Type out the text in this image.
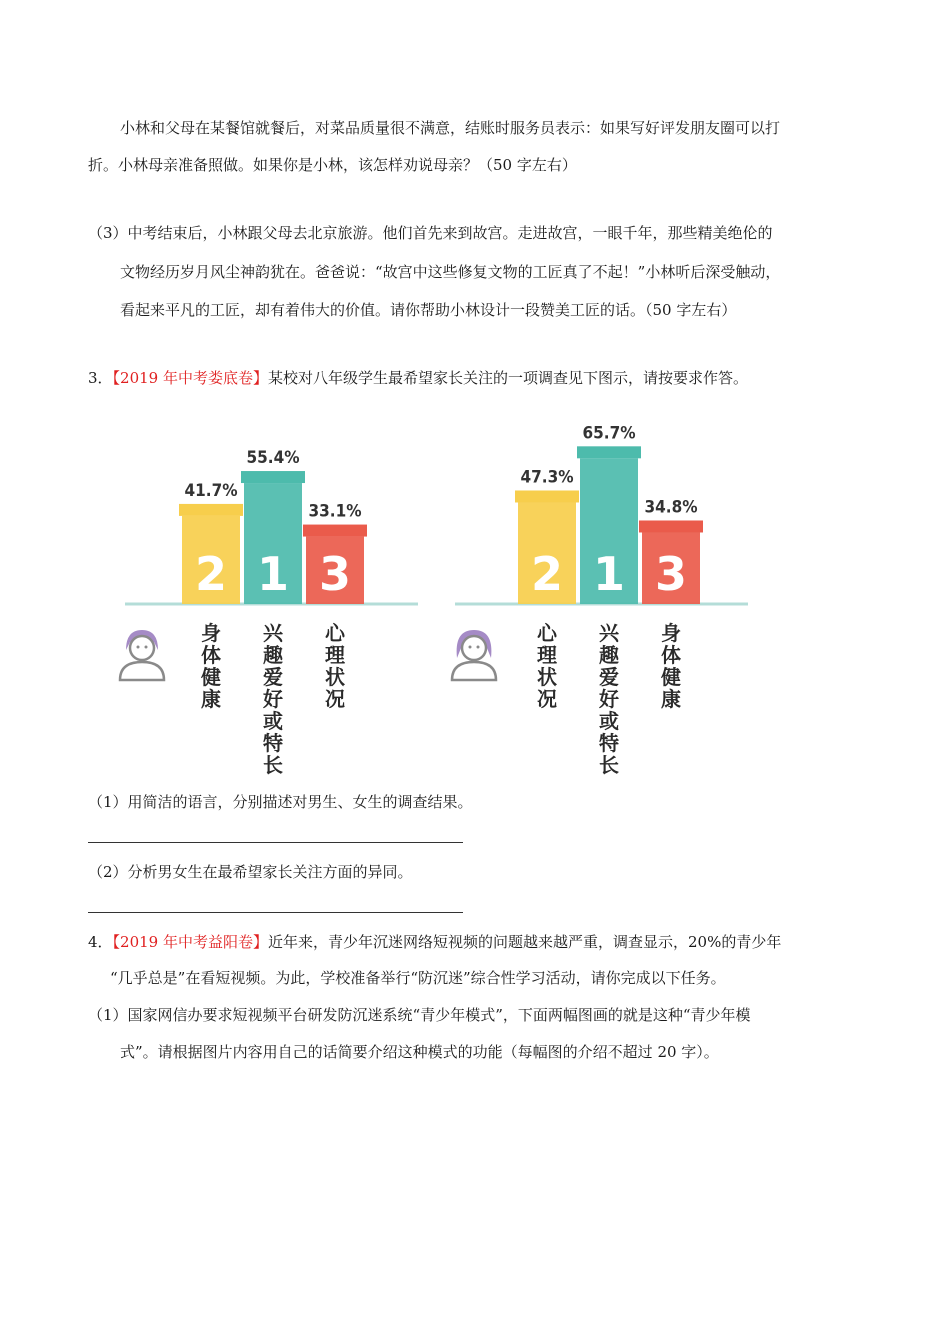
小林和父母在某餐馆就餐后，对菜品质量很不满意，结账时服务员表示：如果写好评发朋友圈可以打
折。小林母亲准备照做。如果你是小林，该怎样劝说母亲？（50 字左右）
（3）中考结束后，小林跟父母去北京旅游。他们首先来到故宫。走进故宫，一眼千年，那些精美绝伦的
文物经历岁月风尘神韵犹在。爸爸说：“故宫中这些修复文物的工匠真了不起！”小林听后深受触动，
看起来平凡的工匠，却有着伟大的价值。请你帮助小林设计一段赞美工匠的话。（50 字左右）
3．【2019 年中考娄底卷】某校对八年级学生最希望家长关注的一项调查见下图示，请按要求作答。
2
41.7%
身
体
健
康
1
55.4%
兴
趣
爱
好
或
特
长
3
33.1%
心
理
状
况
2
47.3%
心
理
状
况
1
65.7%
兴
趣
爱
好
或
特
长
3
34.8%
身
体
健
康
（1）用简洁的语言，分别描述对男生、女生的调查结果。
（2）分析男女生在最希望家长关注方面的异同。
4．【2019 年中考益阳卷】近年来，青少年沉迷网络短视频的问题越来越严重，调查显示，20%的青少年
“几乎总是”在看短视频。为此，学校准备举行“防沉迷”综合性学习活动，请你完成以下任务。
（1）国家网信办要求短视频平台研发防沉迷系统“青少年模式”，下面两幅图画的就是这种“青少年模
式”。请根据图片内容用自己的话简要介绍这种模式的功能（每幅图的介绍不超过 20 字）。
